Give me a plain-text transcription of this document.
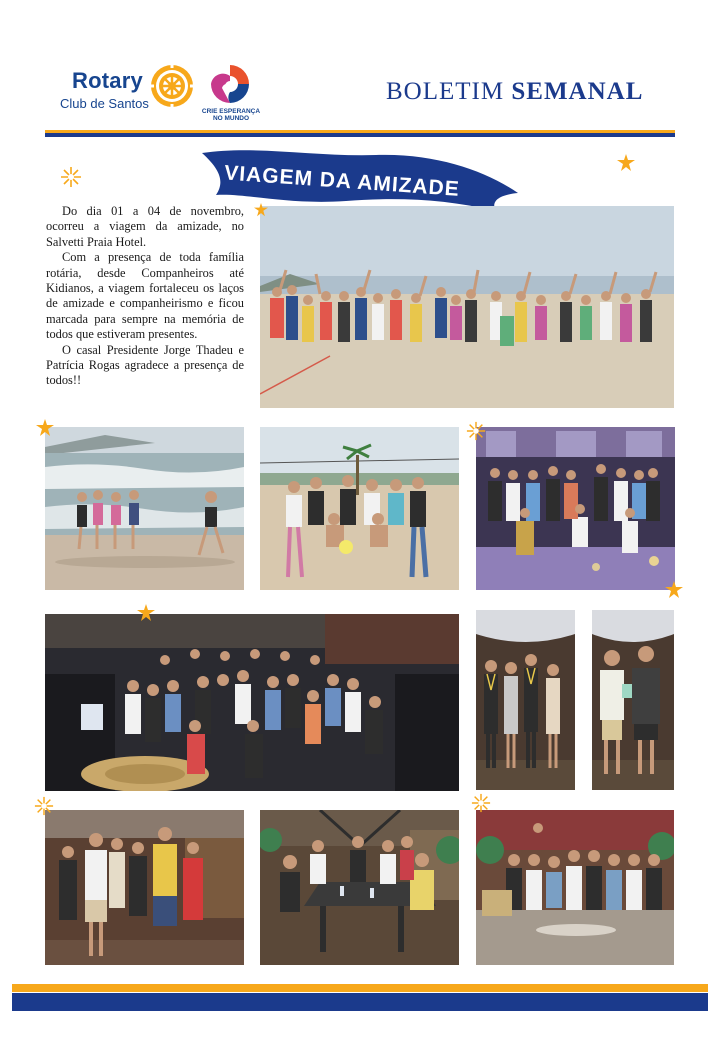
Rotary
Club de Santos
CRIE ESPERANÇA
NO MUNDO
BOLETIM SEMANAL
VIAGEM DA AMIZADE

Do dia 01 a 04 de novembro, ocorreu a viagem da amizade, no Salvetti Praia Hotel.

Com a presença de toda família rotária, desde Companheiros até Kidianos, a viagem fortaleceu os laços de amizade e companheirismo e ficou marcada para sempre na memória de todos que estiveram presentes.

O casal Presidente Jorge Thadeu e Patrícia Rogas agradece a presença de todos!!
